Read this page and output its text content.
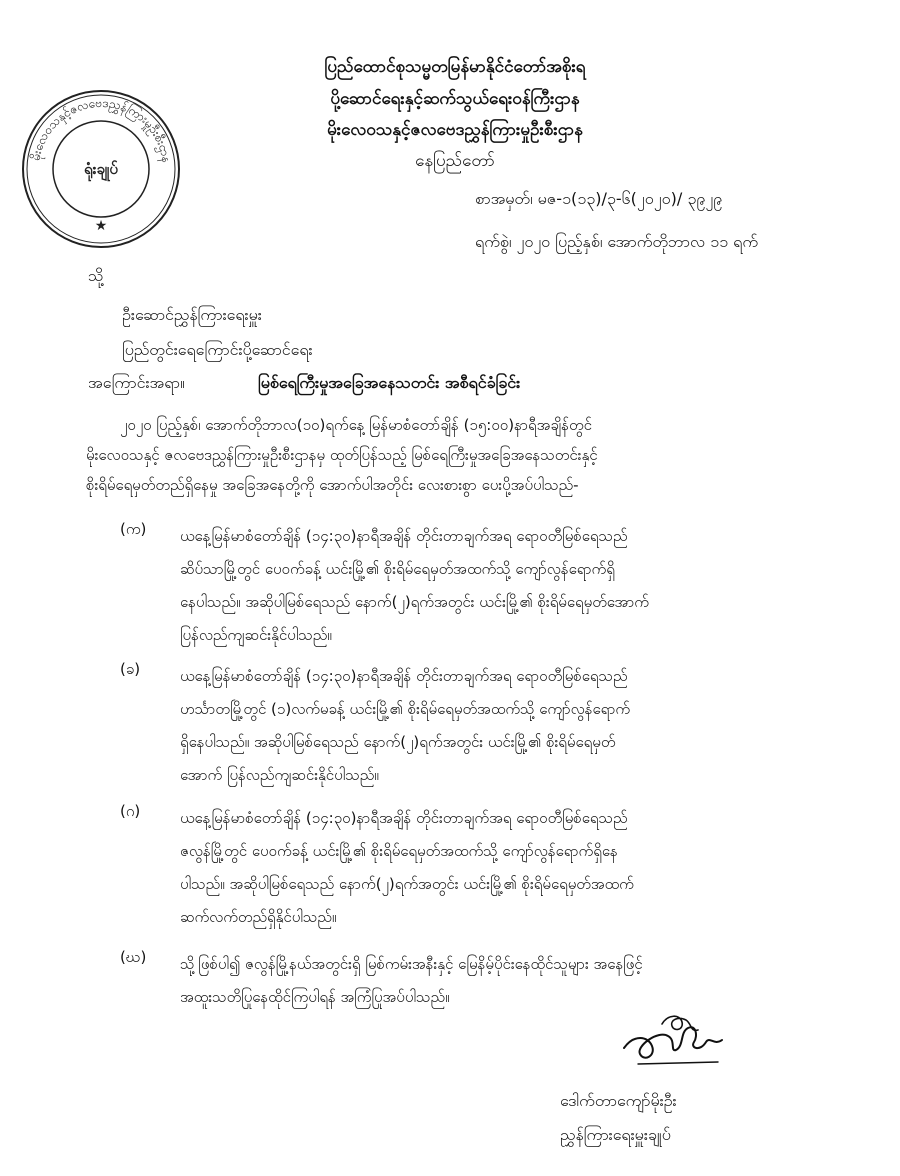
မိုးလေဝသနှင့်ဇလဗေဒညွှန်ကြားမှုဦးစီးဌာန
ရုံးချုပ်
★
ပြည်ထောင်စုသမ္မတမြန်မာနိုင်ငံတော်အစိုးရ
ပို့ဆောင်ရေးနှင့်ဆက်သွယ်ရေးဝန်ကြီးဌာန
မိုးလေဝသနှင့်ဇလဗေဒညွှန်ကြားမှုဦးစီးဌာန
နေပြည်တော်
စာအမှတ်၊ မဇ-၁(၁၃)/၃-၆(၂၀၂၀)/ ၃၉၂၉
ရက်စွဲ၊ ၂၀၂၀ ပြည့်နှစ်၊ အောက်တိုဘာလ ၁၁ ရက်
သို့
ဦးဆောင်ညွှန်ကြားရေးမှူး
ပြည်တွင်းရေကြောင်းပို့ဆောင်ရေး
အကြောင်းအရာ။	မြစ်ရေကြီးမှုအခြေအနေသတင်း အစီရင်ခံခြင်း
၂၀၂၀ ပြည့်နှစ်၊ အောက်တိုဘာလ(၁၀)ရက်နေ့ မြန်မာစံတော်ချိန် (၁၅:၀၀)နာရီအချိန်တွင်
မိုးလေဝသနှင့် ဇလဗေဒညွှန်ကြားမှုဦးစီးဌာနမှ ထုတ်ပြန်သည့် မြစ်ရေကြီးမှုအခြေအနေသတင်းနှင့်
စိုးရိမ်ရေမှတ်တည်ရှိနေမှု အခြေအနေတို့ကို အောက်ပါအတိုင်း လေးစားစွာ ပေးပို့အပ်ပါသည်-
(က) ယနေ့မြန်မာစံတော်ချိန် (၁၄:၃၀)နာရီအချိန် တိုင်းတာချက်အရ ရောဝတီမြစ်ရေသည်
ဆိပ်သာမြို့တွင် ပေ၀က်ခန့် ယင်းမြို့၏ စိုးရိမ်ရေမှတ်အထက်သို့ ကျော်လွန်ရောက်ရှိ
နေပါသည်။ အဆိုပါမြစ်ရေသည် နောက်(၂)ရက်အတွင်း ယင်းမြို့၏ စိုးရိမ်ရေမှတ်အောက်
ပြန်လည်ကျဆင်းနိုင်ပါသည်။
(ခ)	ယနေ့မြန်မာစံတော်ချိန် (၁၄:၃၀)နာရီအချိန် တိုင်းတာချက်အရ ရောဝတီမြစ်ရေသည်
ဟင်္သာတမြို့တွင် (၁)လက်မခန့် ယင်းမြို့၏ စိုးရိမ်ရေမှတ်အထက်သို့ ကျော်လွန်ရောက်
ရှိနေပါသည်။ အဆိုပါမြစ်ရေသည် နောက်(၂)ရက်အတွင်း ယင်းမြို့၏ စိုးရိမ်ရေမှတ်
အောက် ပြန်လည်ကျဆင်းနိုင်ပါသည်။
(ဂ)	ယနေ့မြန်မာစံတော်ချိန် (၁၄:၃၀)နာရီအချိန် တိုင်းတာချက်အရ ရောဝတီမြစ်ရေသည်
ဇလွန်မြို့တွင် ပေ၀က်ခန့် ယင်းမြို့၏ စိုးရိမ်ရေမှတ်အထက်သို့ ကျော်လွန်ရောက်ရှိနေ
ပါသည်။ အဆိုပါမြစ်ရေသည် နောက်(၂)ရက်အတွင်း ယင်းမြို့၏ စိုးရိမ်ရေမှတ်အထက်
ဆက်လက်တည်ရှိနိုင်ပါသည်။
(ဃ) သို့ဖြစ်ပါ၍ ဇလွန်မြို့နယ်အတွင်းရှိ မြစ်ကမ်းအနီးနှင့် မြေနိမ့်ပိုင်းနေထိုင်သူများ အနေဖြင့်
အထူးသတိပြုနေထိုင်ကြပါရန် အကြံပြုအပ်ပါသည်။
ဒေါက်တာကျော်မိုးဦး
ညွှန်ကြားရေးမှူးချုပ်
